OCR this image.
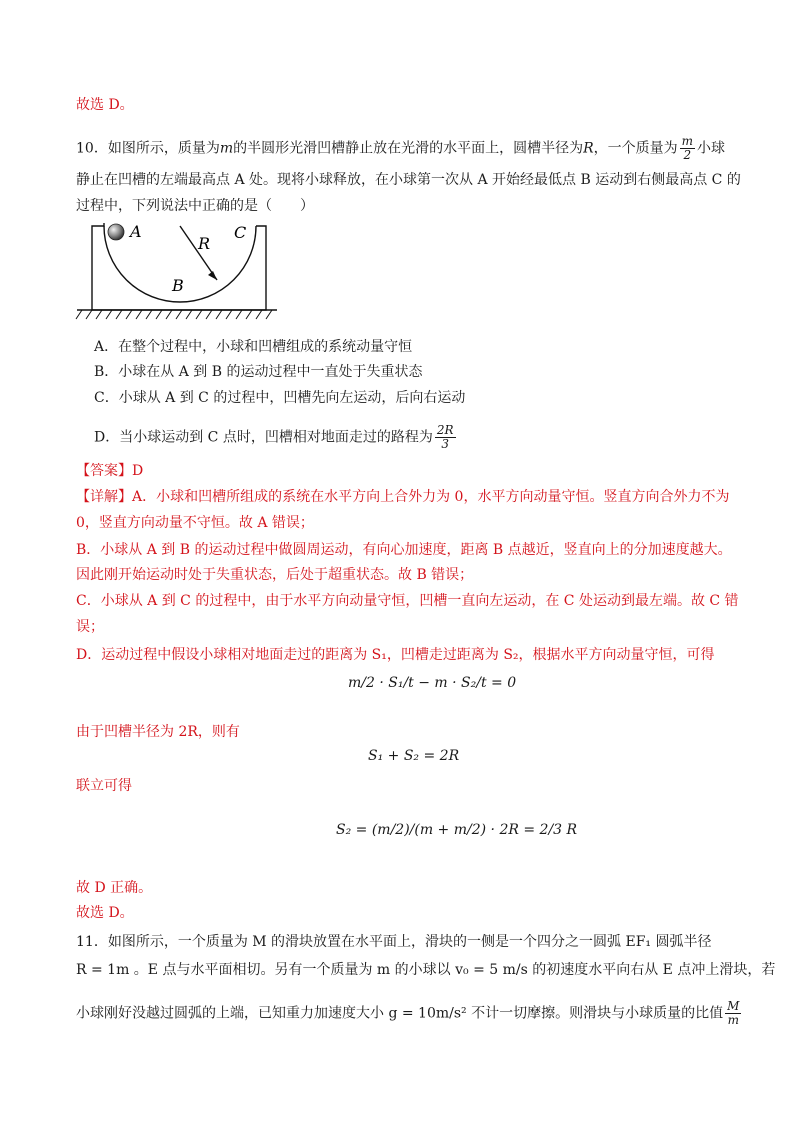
故选 D。
10．如图所示，质量为m的半圆形光滑凹槽静止放在光滑的水平面上，圆槽半径为R，一个质量为 $\frac{m}{2}$ 小球
静止在凹槽的左端最高点 A 处。现将小球释放，在小球第一次从 A 开始经最低点 B 运动到右侧最高点 C 的
过程中，下列说法中正确的是（　　）
A	C
R
B
A．在整个过程中，小球和凹槽组成的系统动量守恒
B．小球在从 A 到 B 的运动过程中一直处于失重状态
C．小球从 A 到 C 的过程中，凹槽先向左运动，后向右运动
D．当小球运动到 C 点时，凹槽相对地面走过的路程为 $\frac{2R}{3}$
【答案】D
【详解】A．小球和凹槽所组成的系统在水平方向上合外力为 0，水平方向动量守恒。竖直方向合外力不为
0，竖直方向动量不守恒。故 A 错误；
B．小球从 A 到 B 的运动过程中做圆周运动，有向心加速度，距离 B 点越近，竖直向上的分加速度越大。
因此刚开始运动时处于失重状态，后处于超重状态。故 B 错误；
C．小球从 A 到 C 的过程中，由于水平方向动量守恒，凹槽一直向左运动，在 C 处运动到最左端。故 C 错
误；
D．运动过程中假设小球相对地面走过的距离为 S₁，凹槽走过距离为 S₂，根据水平方向动量守恒，可得
m/2 · S₁/t − m · S₂/t = 0
由于凹槽半径为 2R，则有
S₁ + S₂ = 2R
联立可得
S₂ = (m/2)/(m + m/2) · 2R = 2/3 R
故 D 正确。
故选 D。
11．如图所示，一个质量为 M 的滑块放置在水平面上，滑块的一侧是一个四分之一圆弧 EF₁ 圆弧半径
R = 1m 。E 点与水平面相切。另有一个质量为 m 的小球以 v₀ = 5 m/s 的初速度水平向右从 E 点冲上滑块，若
小球刚好没越过圆弧的上端，已知重力加速度大小 g = 10m/s² 不计一切摩擦。则滑块与小球质量的比值 $\frac{M}{m}$
